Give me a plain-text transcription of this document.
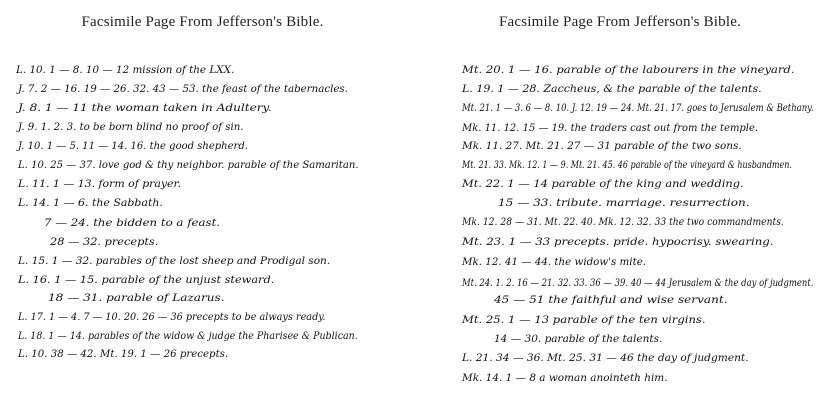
Facsimile Page From Jefferson's Bible.
L. 10. 1 — 8. 10 — 12 mission of the LXX.
J. 7. 2 — 16. 19 — 26. 32. 43 — 53. the feast of the tabernacles.
J. 8. 1 — 11 the woman taken in Adultery.
J. 9. 1. 2. 3. to be born blind no proof of sin.
J. 10. 1 — 5. 11 — 14. 16. the good shepherd.
L. 10. 25 — 37. love god & thy neighbor. parable of the Samaritan.
L. 11. 1 — 13. form of prayer.
L. 14. 1 — 6. the Sabbath.
7 — 24. the bidden to a feast.
28 — 32. precepts.
L. 15. 1 — 32. parables of the lost sheep and Prodigal son.
L. 16. 1 — 15. parable of the unjust steward.
18 — 31. parable of Lazarus.
L. 17. 1 — 4. 7 — 10. 20. 26 — 36 precepts to be always ready.
L. 18. 1 — 14. parables of the widow & judge the Pharisee & Publican.
L. 10. 38 — 42. Mt. 19. 1 — 26 precepts.
Facsimile Page From Jefferson's Bible.
Mt. 20. 1 — 16. parable of the labourers in the vineyard.
L. 19. 1 — 28. Zaccheus, & the parable of the talents.
Mt. 21. 1 — 3. 6 — 8. 10. J. 12. 19 — 24. Mt. 21. 17. goes to Jerusalem & Bethany.
Mk. 11. 12. 15 — 19. the traders cast out from the temple.
Mk. 11. 27. Mt. 21. 27 — 31 parable of the two sons.
Mt. 21. 33. Mk. 12. 1 — 9. Mt. 21. 45. 46 parable of the vineyard & husbandmen.
Mt. 22. 1 — 14 parable of the king and wedding.
15 — 33. tribute. marriage. resurrection.
Mk. 12. 28 — 31. Mt. 22. 40. Mk. 12. 32. 33 the two commandments.
Mt. 23. 1 — 33 precepts. pride. hypocrisy. swearing.
Mk. 12. 41 — 44. the widow's mite.
Mt. 24. 1. 2. 16 — 21. 32. 33. 36 — 39. 40 — 44 Jerusalem & the day of judgment.
45 — 51 the faithful and wise servant.
Mt. 25. 1 — 13 parable of the ten virgins.
14 — 30. parable of the talents.
L. 21. 34 — 36. Mt. 25. 31 — 46 the day of judgment.
Mk. 14. 1 — 8 a woman anointeth him.
